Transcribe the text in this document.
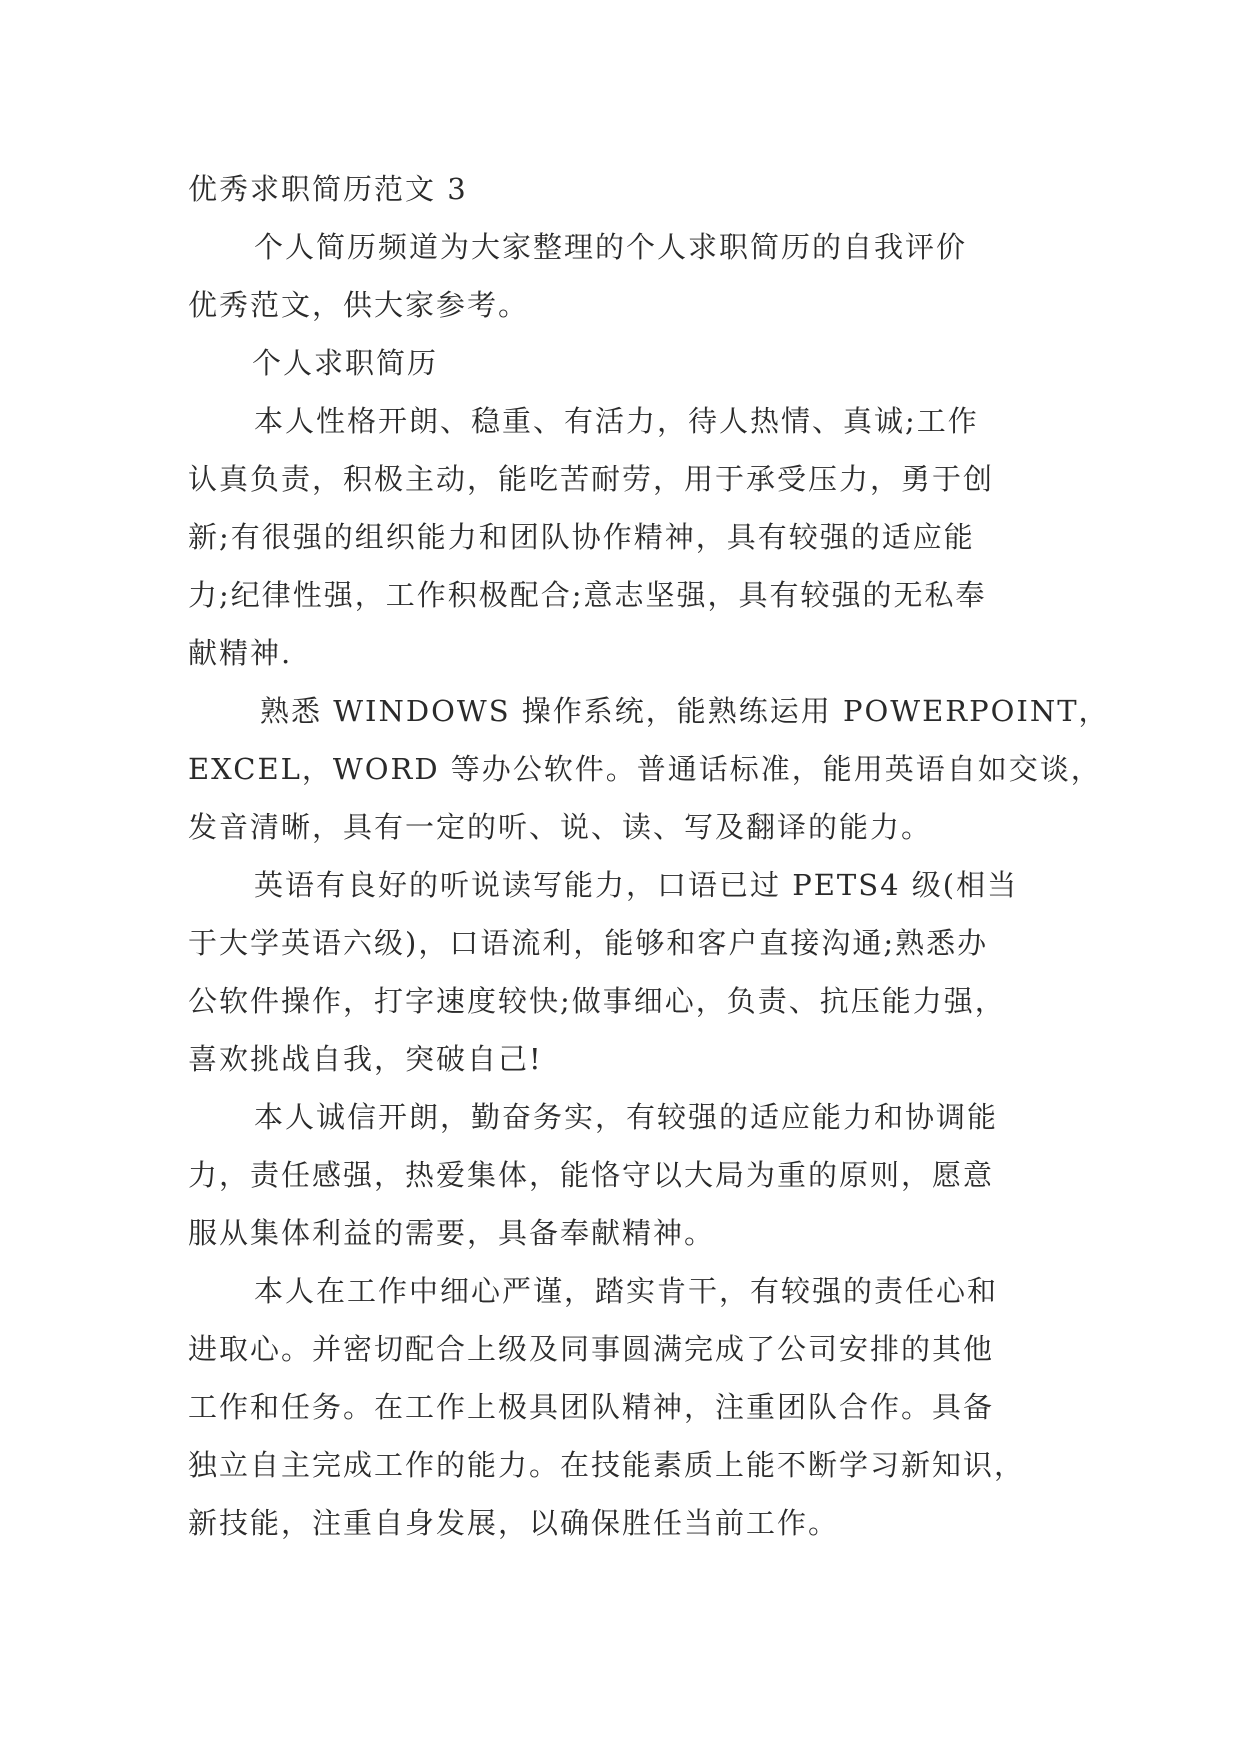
优秀求职简历范文 3
个人简历频道为大家整理的个人求职简历的自我评价
优秀范文，供大家参考。
个人求职简历
本人性格开朗、稳重、有活力，待人热情、真诚;工作
认真负责，积极主动，能吃苦耐劳，用于承受压力，勇于创
新;有很强的组织能力和团队协作精神，具有较强的适应能
力;纪律性强，工作积极配合;意志坚强，具有较强的无私奉
献精神.
熟悉 WINDOWS 操作系统，能熟练运用 POWERPOINT，
EXCEL，WORD 等办公软件。普通话标准，能用英语自如交谈，
发音清晰，具有一定的听、说、读、写及翻译的能力。
英语有良好的听说读写能力，口语已过 PETS4 级(相当
于大学英语六级)，口语流利，能够和客户直接沟通;熟悉办
公软件操作，打字速度较快;做事细心，负责、抗压能力强，
喜欢挑战自我，突破自己!
本人诚信开朗，勤奋务实，有较强的适应能力和协调能
力，责任感强，热爱集体，能恪守以大局为重的原则，愿意
服从集体利益的需要，具备奉献精神。
本人在工作中细心严谨，踏实肯干，有较强的责任心和
进取心。并密切配合上级及同事圆满完成了公司安排的其他
工作和任务。在工作上极具团队精神，注重团队合作。具备
独立自主完成工作的能力。在技能素质上能不断学习新知识，
新技能，注重自身发展，以确保胜任当前工作。
